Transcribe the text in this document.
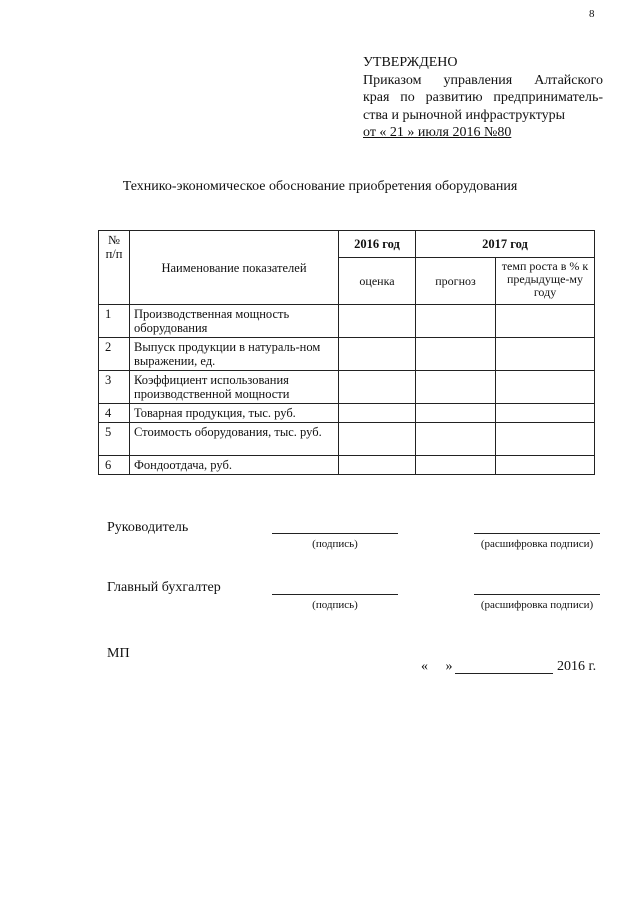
8
УТВЕРЖДЕНО
Приказом управления Алтайского
края по развитию предприниматель-
ства и рыночной инфраструктуры
от « 21 » июля 2016 №80
Технико-экономическое обоснование приобретения оборудования
№ п/п	Наименование показателей	2016 год	2017 год	
		оценка	прогноз	темп роста в % к предыдуще-му году
1	Производственная мощность оборудования			
2	Выпуск продукции в натураль-ном выражении, ед.			
3	Коэффициент использования производственной мощности			
4	Товарная продукция, тыс. руб.			
5	Стоимость оборудования, тыс. руб.			
6	Фондоотдача, руб.			
Руководитель
(подпись)	(расшифровка подписи)
Главный бухгалтер
(подпись)	(расшифровка подписи)
МП
«     »	2016 г.
